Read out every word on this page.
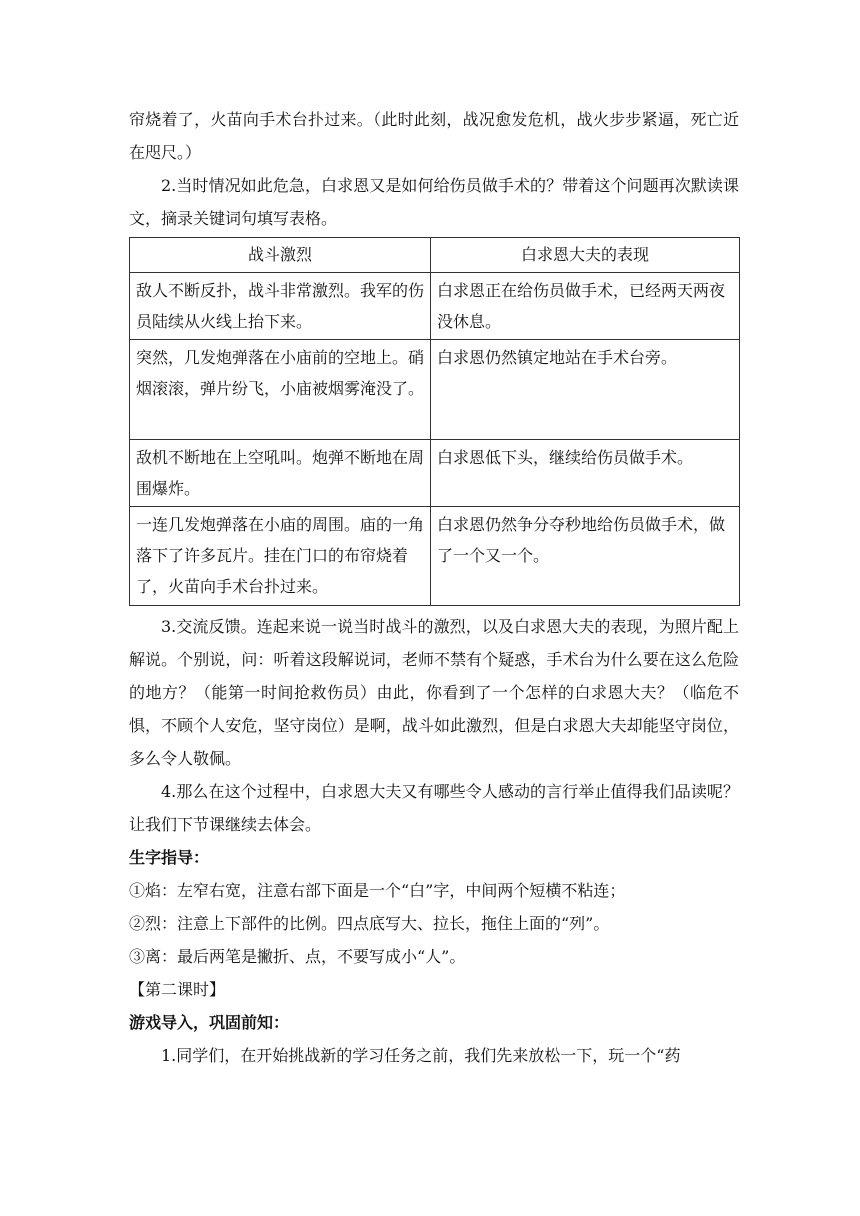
帘烧着了，火苗向手术台扑过来。（此时此刻，战况愈发危机，战火步步紧逼，死亡近在咫尺。）

2.当时情况如此危急，白求恩又是如何给伤员做手术的？带着这个问题再次默读课文，摘录关键词句填写表格。

战斗激烈	白求恩大夫的表现
敌人不断反扑，战斗非常激烈。我军的伤员陆续从火线上抬下来。	白求恩正在给伤员做手术，已经两天两夜没休息。
突然，几发炮弹落在小庙前的空地上。硝烟滚滚，弹片纷飞，小庙被烟雾淹没了。	白求恩仍然镇定地站在手术台旁。
敌机不断地在上空吼叫。炮弹不断地在周围爆炸。	白求恩低下头，继续给伤员做手术。
一连几发炮弹落在小庙的周围。庙的一角落下了许多瓦片。挂在门口的布帘烧着了，火苗向手术台扑过来。	白求恩仍然争分夺秒地给伤员做手术，做了一个又一个。

3.交流反馈。连起来说一说当时战斗的激烈，以及白求恩大夫的表现，为照片配上解说。个别说，问：听着这段解说词，老师不禁有个疑惑，手术台为什么要在这么危险的地方？（能第一时间抢救伤员）由此，你看到了一个怎样的白求恩大夫？（临危不惧，不顾个人安危，坚守岗位）是啊，战斗如此激烈，但是白求恩大夫却能坚守岗位，多么令人敬佩。

4.那么在这个过程中，白求恩大夫又有哪些令人感动的言行举止值得我们品读呢？让我们下节课继续去体会。

生字指导：

①焰：左窄右宽，注意右部下面是一个“白”字，中间两个短横不粘连；

②烈：注意上下部件的比例。四点底写大、拉长，拖住上面的“列”。

③离：最后两笔是撇折、点，不要写成小“人”。

【第二课时】

游戏导入，巩固前知：

1.同学们，在开始挑战新的学习任务之前，我们先来放松一下，玩一个“药
